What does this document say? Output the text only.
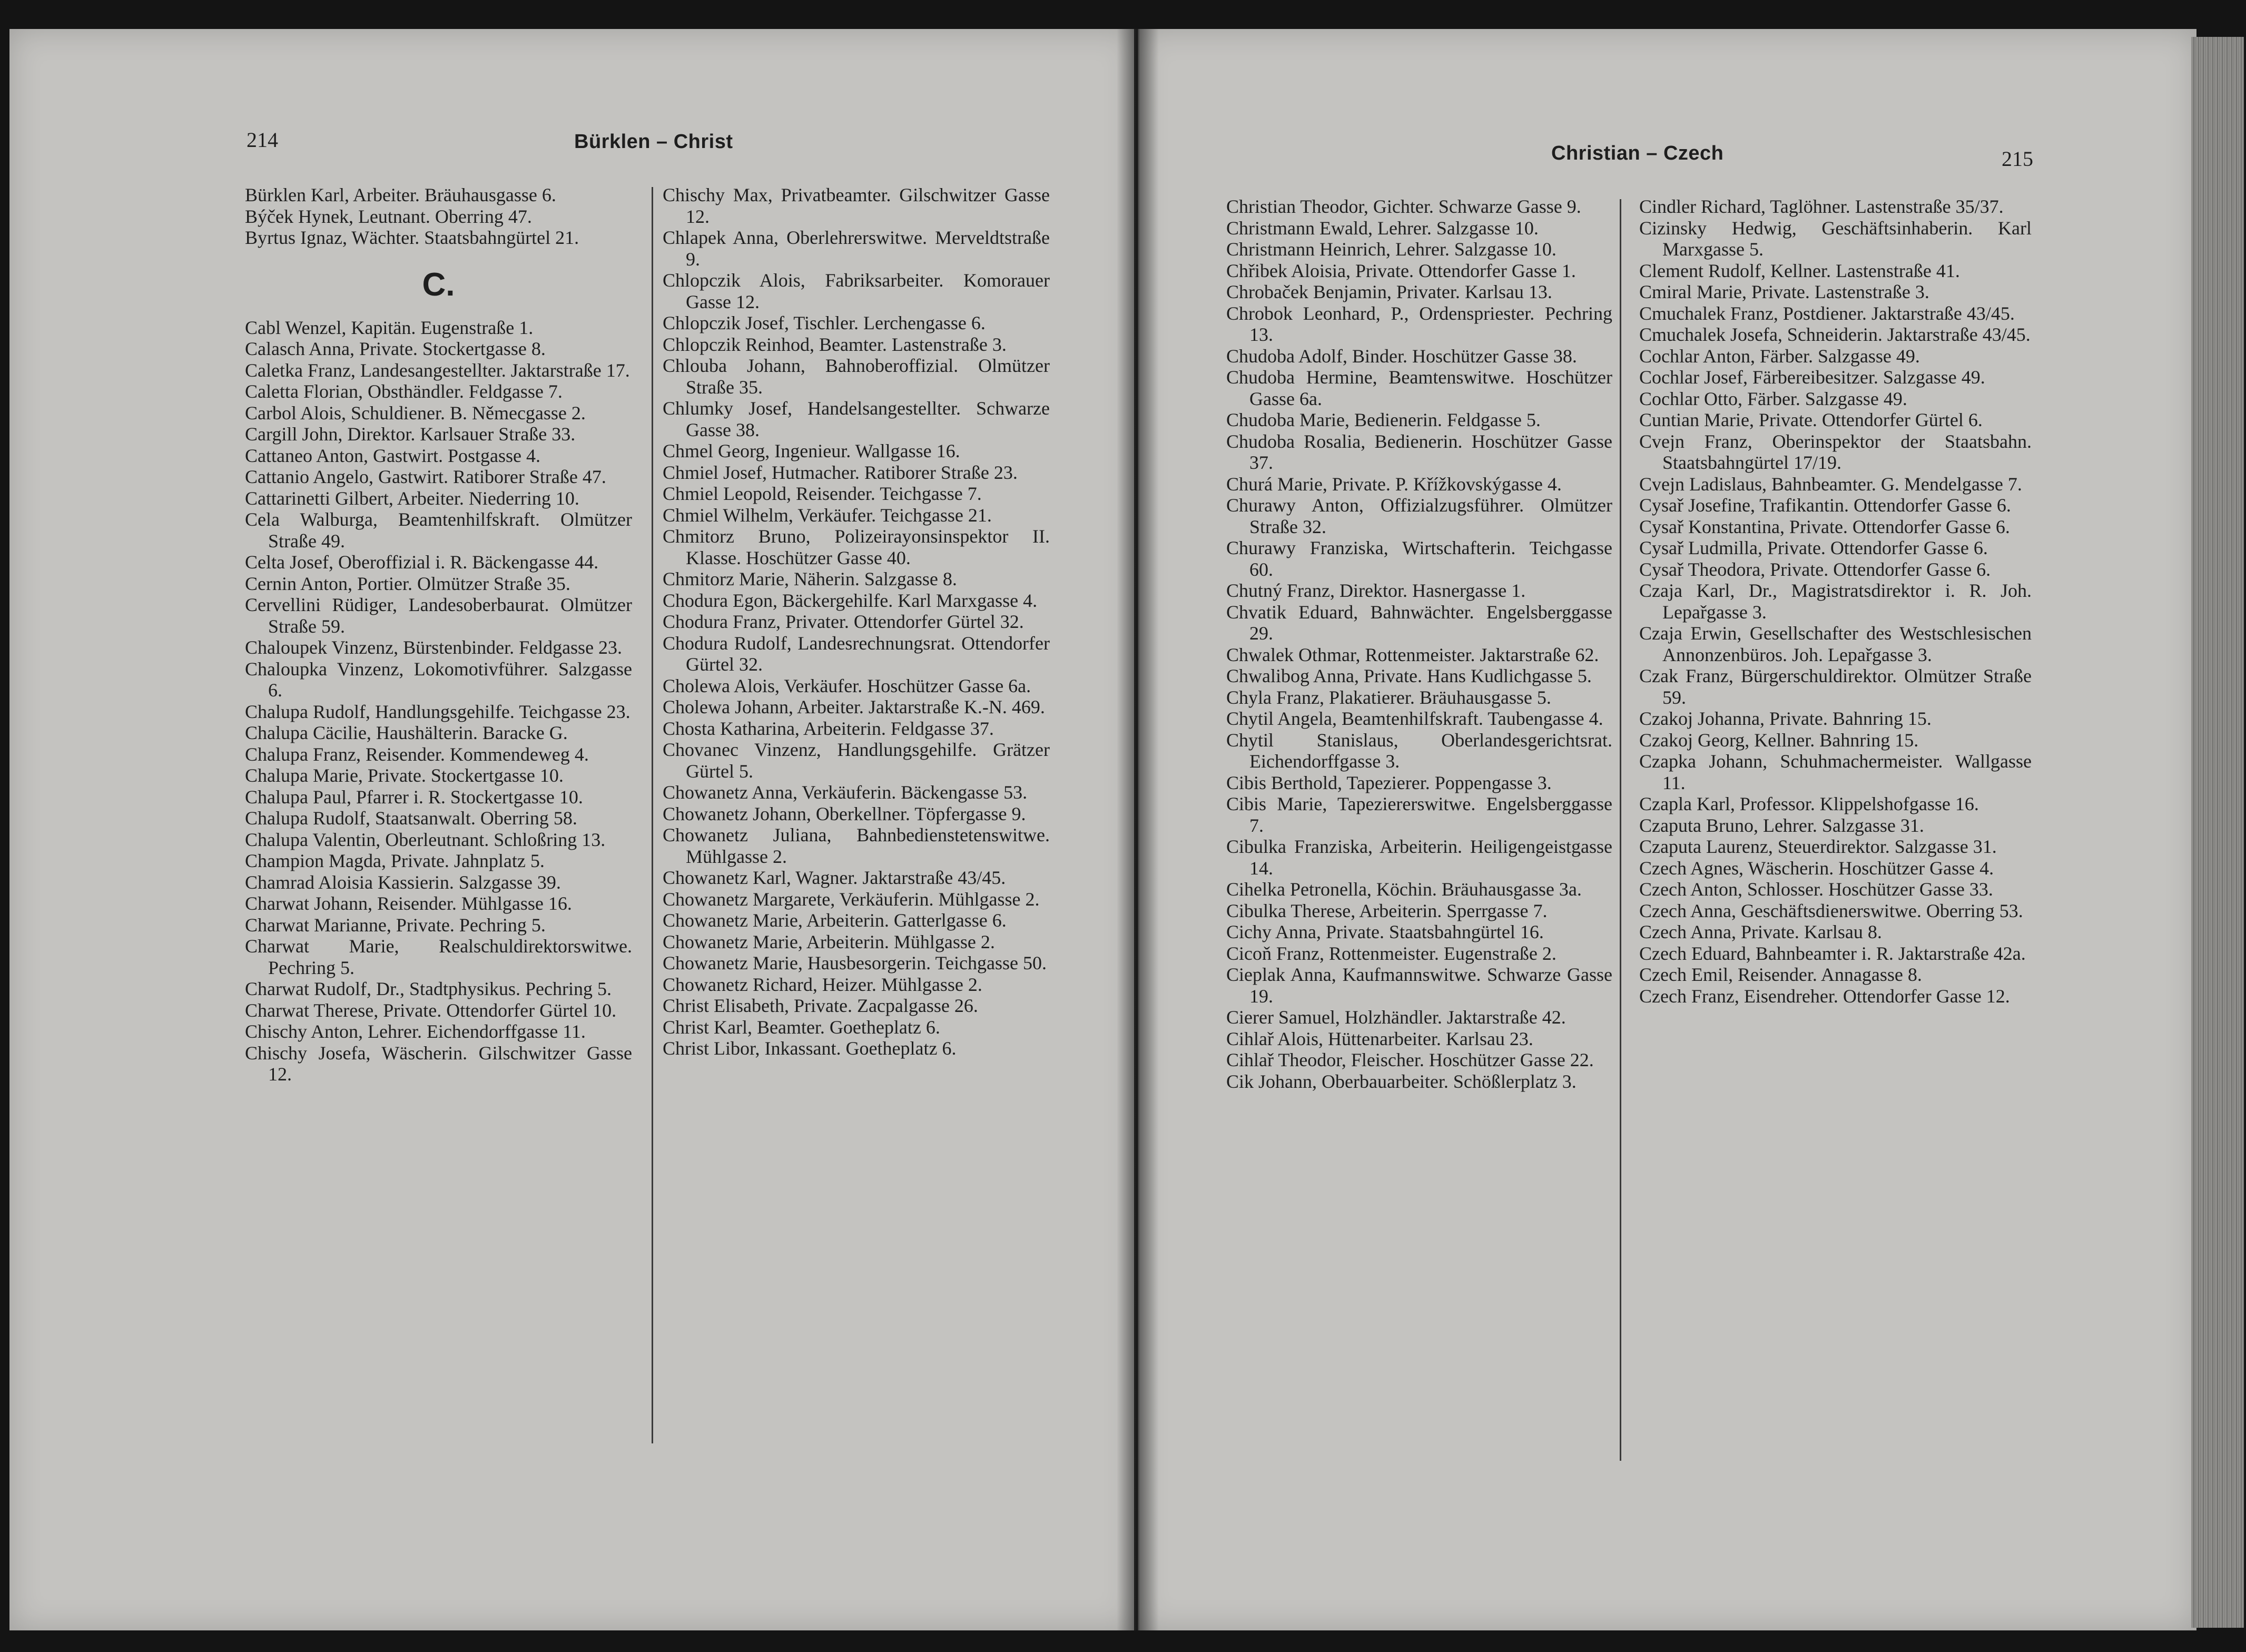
214	Bürklen – Christ
Christian – Czech	215

Bürklen Karl, Arbeiter. Bräuhausgasse 6.

Býček Hynek, Leutnant. Oberring 47.

Byrtus Ignaz, Wächter. Staatsbahngürtel 21.

C.

Cabl Wenzel, Kapitän. Eugenstraße 1.

Calasch Anna, Private. Stockertgasse 8.

Caletka Franz, Landesangestellter. Jaktarstraße 17.

Caletta Florian, Obsthändler. Feldgasse 7.

Carbol Alois, Schuldiener. B. Němecgasse 2.

Cargill John, Direktor. Karlsauer Straße 33.

Cattaneo Anton, Gastwirt. Postgasse 4.

Cattanio Angelo, Gastwirt. Ratiborer Straße 47.

Cattarinetti Gilbert, Arbeiter. Niederring 10.

Cela Walburga, Beamtenhilfskraft. Olmützer Straße 49.

Celta Josef, Oberoffizial i. R. Bäckengasse 44.

Cernin Anton, Portier. Olmützer Straße 35.

Cervellini Rüdiger, Landesoberbaurat. Olmützer Straße 59.

Chaloupek Vinzenz, Bürstenbinder. Feldgasse 23.

Chaloupka Vinzenz, Lokomotivführer. Salzgasse 6.

Chalupa Rudolf, Handlungsgehilfe. Teichgasse 23.

Chalupa Cäcilie, Haushälterin. Baracke G.

Chalupa Franz, Reisender. Kommendeweg 4.

Chalupa Marie, Private. Stockertgasse 10.

Chalupa Paul, Pfarrer i. R. Stockertgasse 10.

Chalupa Rudolf, Staatsanwalt. Oberring 58.

Chalupa Valentin, Oberleutnant. Schloßring 13.

Champion Magda, Private. Jahnplatz 5.

Chamrad Aloisia Kassierin. Salzgasse 39.

Charwat Johann, Reisender. Mühlgasse 16.

Charwat Marianne, Private. Pechring 5.

Charwat Marie, Realschuldirektorswitwe. Pechring 5.

Charwat Rudolf, Dr., Stadtphysikus. Pechring 5.

Charwat Therese, Private. Ottendorfer Gürtel 10.

Chischy Anton, Lehrer. Eichendorffgasse 11.

Chischy Josefa, Wäscherin. Gilschwitzer Gasse 12.

Chischy Max, Privatbeamter. Gilschwitzer Gasse 12.

Chlapek Anna, Oberlehrerswitwe. Merveldtstraße 9.

Chlopczik Alois, Fabriksarbeiter. Komorauer Gasse 12.

Chlopczik Josef, Tischler. Lerchengasse 6.

Chlopczik Reinhod, Beamter. Lastenstraße 3.

Chlouba Johann, Bahnoberoffizial. Olmützer Straße 35.

Chlumky Josef, Handelsangestellter. Schwarze Gasse 38.

Chmel Georg, Ingenieur. Wallgasse 16.

Chmiel Josef, Hutmacher. Ratiborer Straße 23.

Chmiel Leopold, Reisender. Teichgasse 7.

Chmiel Wilhelm, Verkäufer. Teichgasse 21.

Chmitorz Bruno, Polizeirayonsinspektor II. Klasse. Hoschützer Gasse 40.

Chmitorz Marie, Näherin. Salzgasse 8.

Chodura Egon, Bäckergehilfe. Karl Marxgasse 4.

Chodura Franz, Privater. Ottendorfer Gürtel 32.

Chodura Rudolf, Landesrechnungsrat. Ottendorfer Gürtel 32.

Cholewa Alois, Verkäufer. Hoschützer Gasse 6a.

Cholewa Johann, Arbeiter. Jaktarstraße K.-N. 469.

Chosta Katharina, Arbeiterin. Feldgasse 37.

Chovanec Vinzenz, Handlungsgehilfe. Grätzer Gürtel 5.

Chowanetz Anna, Verkäuferin. Bäckengasse 53.

Chowanetz Johann, Oberkellner. Töpfergasse 9.

Chowanetz Juliana, Bahnbedienstetenswitwe. Mühlgasse 2.

Chowanetz Karl, Wagner. Jaktarstraße 43/45.

Chowanetz Margarete, Verkäuferin. Mühlgasse 2.

Chowanetz Marie, Arbeiterin. Gatterlgasse 6.

Chowanetz Marie, Arbeiterin. Mühlgasse 2.

Chowanetz Marie, Hausbesorgerin. Teichgasse 50.

Chowanetz Richard, Heizer. Mühlgasse 2.

Christ Elisabeth, Private. Zacpalgasse 26.

Christ Karl, Beamter. Goetheplatz 6.

Christ Libor, Inkassant. Goetheplatz 6.

Christian Theodor, Gichter. Schwarze Gasse 9.

Christmann Ewald, Lehrer. Salzgasse 10.

Christmann Heinrich, Lehrer. Salzgasse 10.

Chřibek Aloisia, Private. Ottendorfer Gasse 1.

Chrobaček Benjamin, Privater. Karlsau 13.

Chrobok Leonhard, P., Ordenspriester. Pechring 13.

Chudoba Adolf, Binder. Hoschützer Gasse 38.

Chudoba Hermine, Beamtenswitwe. Hoschützer Gasse 6a.

Chudoba Marie, Bedienerin. Feldgasse 5.

Chudoba Rosalia, Bedienerin. Hoschützer Gasse 37.

Churá Marie, Private. P. Křížkovskýgasse 4.

Churawy Anton, Offizialzugsführer. Olmützer Straße 32.

Churawy Franziska, Wirtschafterin. Teichgasse 60.

Chutný Franz, Direktor. Hasnergasse 1.

Chvatik Eduard, Bahnwächter. Engelsberggasse 29.

Chwalek Othmar, Rottenmeister. Jaktarstraße 62.

Chwalibog Anna, Private. Hans Kudlichgasse 5.

Chyla Franz, Plakatierer. Bräuhausgasse 5.

Chytil Angela, Beamtenhilfskraft. Taubengasse 4.

Chytil Stanislaus, Oberlandesgerichtsrat. Eichendorffgasse 3.

Cibis Berthold, Tapezierer. Poppengasse 3.

Cibis Marie, Tapeziererswitwe. Engelsberggasse 7.

Cibulka Franziska, Arbeiterin. Heiligengeistgasse 14.

Cihelka Petronella, Köchin. Bräuhausgasse 3a.

Cibulka Therese, Arbeiterin. Sperrgasse 7.

Cichy Anna, Private. Staatsbahngürtel 16.

Cicoň Franz, Rottenmeister. Eugenstraße 2.

Cieplak Anna, Kaufmannswitwe. Schwarze Gasse 19.

Cierer Samuel, Holzhändler. Jaktarstraße 42.

Cihlař Alois, Hüttenarbeiter. Karlsau 23.

Cihlař Theodor, Fleischer. Hoschützer Gasse 22.

Cik Johann, Oberbauarbeiter. Schößlerplatz 3.

Cindler Richard, Taglöhner. Lastenstraße 35/37.

Cizinsky Hedwig, Geschäftsinhaberin. Karl Marxgasse 5.

Clement Rudolf, Kellner. Lastenstraße 41.

Cmiral Marie, Private. Lastenstraße 3.

Cmuchalek Franz, Postdiener. Jaktarstraße 43/45.

Cmuchalek Josefa, Schneiderin. Jaktarstraße 43/45.

Cochlar Anton, Färber. Salzgasse 49.

Cochlar Josef, Färbereibesitzer. Salzgasse 49.

Cochlar Otto, Färber. Salzgasse 49.

Cuntian Marie, Private. Ottendorfer Gürtel 6.

Cvejn Franz, Oberinspektor der Staatsbahn. Staatsbahngürtel 17/19.

Cvejn Ladislaus, Bahnbeamter. G. Mendelgasse 7.

Cysař Josefine, Trafikantin. Ottendorfer Gasse 6.

Cysař Konstantina, Private. Ottendorfer Gasse 6.

Cysař Ludmilla, Private. Ottendorfer Gasse 6.

Cysař Theodora, Private. Ottendorfer Gasse 6.

Czaja Karl, Dr., Magistratsdirektor i. R. Joh. Lepařgasse 3.

Czaja Erwin, Gesellschafter des Westschlesischen Annonzenbüros. Joh. Lepařgasse 3.

Czak Franz, Bürgerschuldirektor. Olmützer Straße 59.

Czakoj Johanna, Private. Bahnring 15.

Czakoj Georg, Kellner. Bahnring 15.

Czapka Johann, Schuhmachermeister. Wallgasse 11.

Czapla Karl, Professor. Klippelshofgasse 16.

Czaputa Bruno, Lehrer. Salzgasse 31.

Czaputa Laurenz, Steuerdirektor. Salzgasse 31.

Czech Agnes, Wäscherin. Hoschützer Gasse 4.

Czech Anton, Schlosser. Hoschützer Gasse 33.

Czech Anna, Geschäftsdienerswitwe. Oberring 53.

Czech Anna, Private. Karlsau 8.

Czech Eduard, Bahnbeamter i. R. Jaktarstraße 42a.

Czech Emil, Reisender. Annagasse 8.

Czech Franz, Eisendreher. Ottendorfer Gasse 12.
